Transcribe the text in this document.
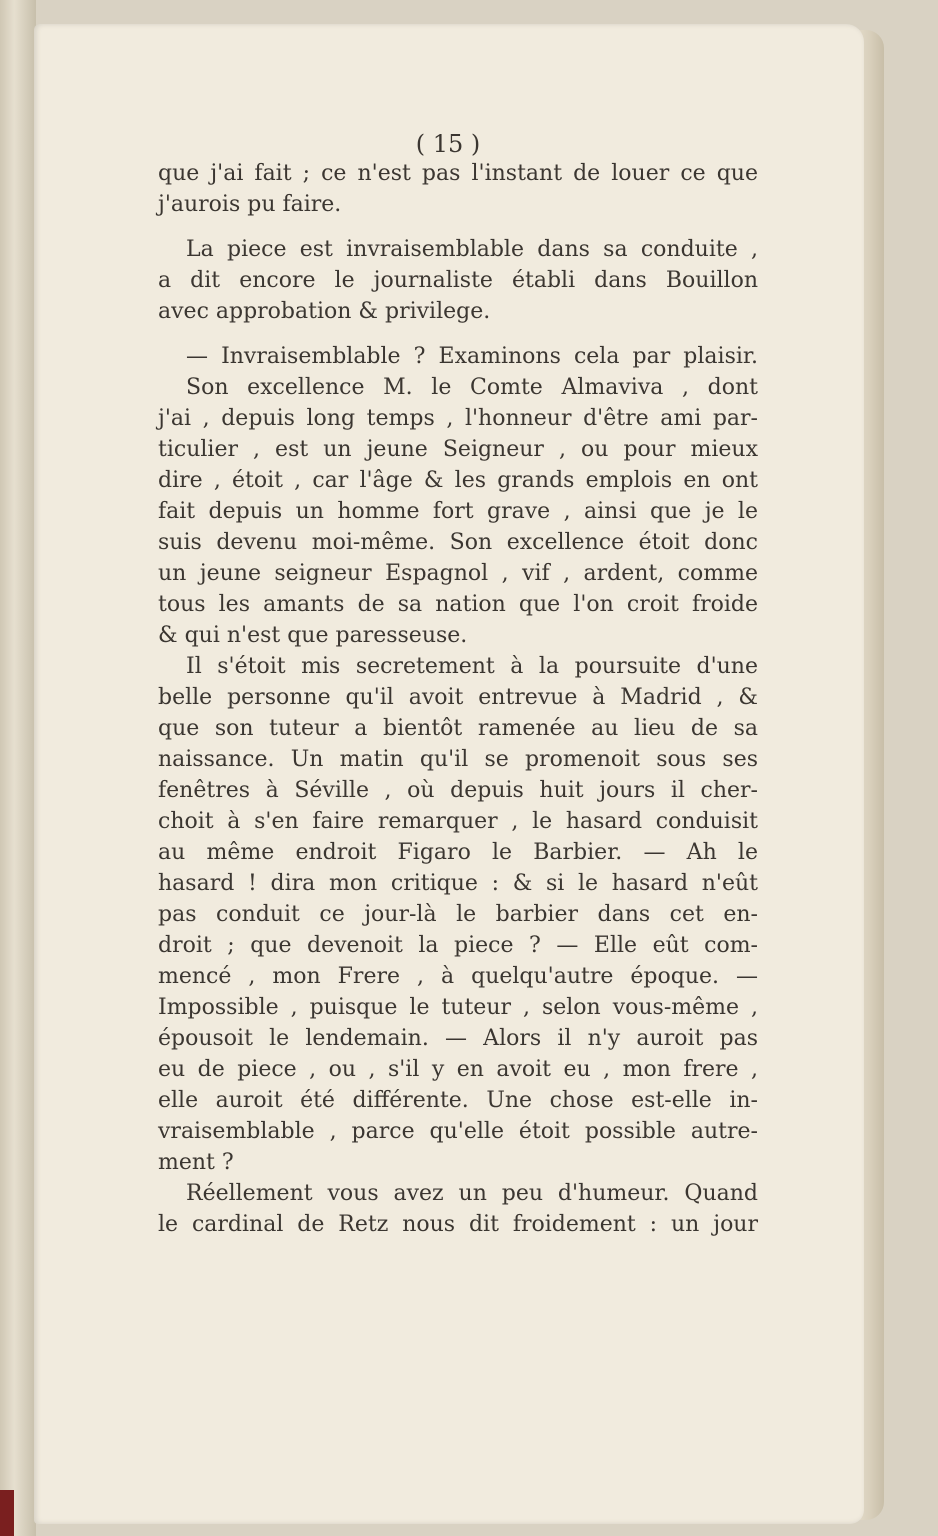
( 15 )
que j'ai fait ; ce n'est pas l'instant de louer ce que
j'aurois pu faire.
La piece est invraisemblable dans sa conduite ,
a dit encore le journaliste établi dans Bouillon
avec approbation & privilege.
— Invraisemblable ? Examinons cela par plaisir.
Son excellence M. le Comte Almaviva , dont
j'ai , depuis long temps , l'honneur d'être ami par-
ticulier , est un jeune Seigneur , ou pour mieux
dire , étoit , car l'âge & les grands emplois en ont
fait depuis un homme fort grave , ainsi que je le
suis devenu moi-même. Son excellence étoit donc
un jeune seigneur Espagnol , vif , ardent, comme
tous les amants de sa nation que l'on croit froide
& qui n'est que paresseuse.
Il s'étoit mis secretement à la poursuite d'une
belle personne qu'il avoit entrevue à Madrid , &
que son tuteur a bientôt ramenée au lieu de sa
naissance. Un matin qu'il se promenoit sous ses
fenêtres à Séville , où depuis huit jours il cher-
choit à s'en faire remarquer , le hasard conduisit
au même endroit Figaro le Barbier. — Ah le
hasard ! dira mon critique : & si le hasard n'eût
pas conduit ce jour-là le barbier dans cet en-
droit ; que devenoit la piece ? — Elle eût com-
mencé , mon Frere , à quelqu'autre époque. —
Impossible , puisque le tuteur , selon vous-même ,
épousoit le lendemain. — Alors il n'y auroit pas
eu de piece , ou , s'il y en avoit eu , mon frere ,
elle auroit été différente. Une chose est-elle in-
vraisemblable , parce qu'elle étoit possible autre-
ment ?
Réellement vous avez un peu d'humeur. Quand
le cardinal de Retz nous dit froidement : un jour
